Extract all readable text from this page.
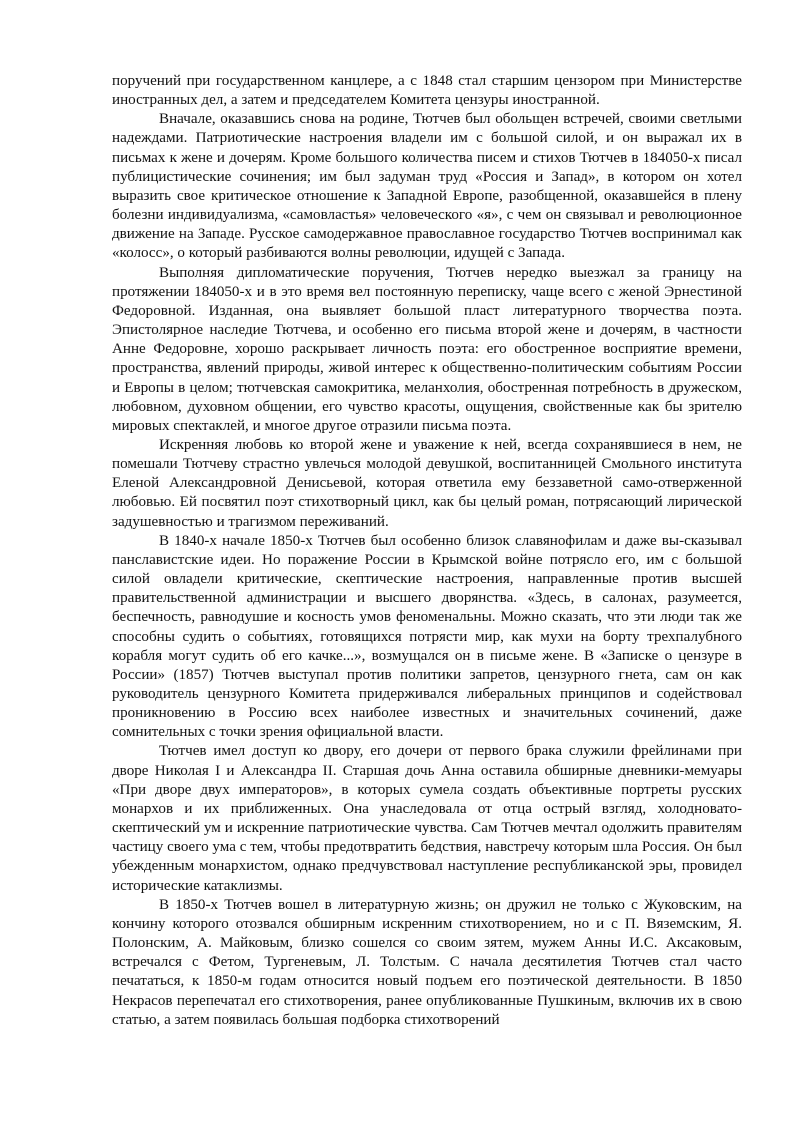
поручений при государственном канцлере, а с 1848 стал старшим цензором при Министерстве иностранных дел, а затем и председателем Комитета цензуры иностранной.

Вначале, оказавшись снова на родине, Тютчев был обольщен встречей, своими светлыми надеждами. Патриотические настроения владели им с большой силой, и он выражал их в письмах к жене и дочерям. Кроме большого количества писем и стихов Тютчев в 184050-х писал публицистические сочинения; им был задуман труд «Россия и Запад», в котором он хотел выразить свое критическое отношение к Западной Европе, разобщенной, оказавшейся в плену болезни индивидуализма, «самовластья» человеческого «я», с чем он связывал и революционное движение на Западе. Русское самодержавное православное государство Тютчев воспринимал как «колосс», о который разбиваются волны революции, идущей с Запада.

Выполняя дипломатические поручения, Тютчев нередко выезжал за границу на протяжении 184050-х и в это время вел постоянную переписку, чаще всего с женой Эрнестиной Федоровной. Изданная, она выявляет большой пласт литературного творчества поэта. Эпистолярное наследие Тютчева, и особенно его письма второй жене и дочерям, в частности Анне Федоровне, хорошо раскрывает личность поэта: его обостренное восприятие времени, пространства, явлений природы, живой интерес к общественно-политическим событиям России и Европы в целом; тютчевская самокритика, меланхолия, обостренная потребность в дружеском, любовном, духовном общении, его чувство красоты, ощущения, свойственные как бы зрителю мировых спектаклей, и многое другое отразили письма поэта.

Искренняя любовь ко второй жене и уважение к ней, всегда сохранявшиеся в нем, не помешали Тютчеву страстно увлечься молодой девушкой, воспитанницей Смольного института Еленой Александровной Денисьевой, которая ответила ему беззаветной само-отверженной любовью. Ей посвятил поэт стихотворный цикл, как бы целый роман, потрясающий лирической задушевностью и трагизмом переживаний.

В 1840-х начале 1850-х Тютчев был особенно близок славянофилам и даже вы-сказывал панславистские идеи. Но поражение России в Крымской войне потрясло его, им с большой силой овладели критические, скептические настроения, направленные против высшей правительственной администрации и высшего дворянства. «Здесь, в салонах, разумеется, беспечность, равнодушие и косность умов феноменальны. Можно сказать, что эти люди так же способны судить о событиях, готовящихся потрясти мир, как мухи на борту трехпалубного корабля могут судить об его качке...», возмущался он в письме жене. В «Записке о цензуре в России» (1857) Тютчев выступал против политики запретов, цензурного гнета, сам он как руководитель цензурного Комитета придерживался либеральных принципов и содействовал проникновению в Россию всех наиболее известных и значительных сочинений, даже сомнительных с точки зрения официальной власти.

Тютчев имел доступ ко двору, его дочери от первого брака служили фрейлинами при дворе Николая I и Александра II. Старшая дочь Анна оставила обширные дневники-мемуары «При дворе двух императоров», в которых сумела создать объективные портреты русских монархов и их приближенных. Она унаследовала от отца острый взгляд, холодновато-скептический ум и искренние патриотические чувства. Сам Тютчев мечтал одолжить правителям частицу своего ума с тем, чтобы предотвратить бедствия, навстречу которым шла Россия. Он был убежденным монархистом, однако предчувствовал наступление республиканской эры, провидел исторические катаклизмы.

В 1850-х Тютчев вошел в литературную жизнь; он дружил не только с Жуковским, на кончину которого отозвался обширным искренним стихотворением, но и с П. Вяземским, Я. Полонским, А. Майковым, близко сошелся со своим зятем, мужем Анны И.С. Аксаковым, встречался с Фетом, Тургеневым, Л. Толстым. С начала десятилетия Тютчев стал часто печататься, к 1850-м годам относится новый подъем его поэтической деятельности. В 1850 Некрасов перепечатал его стихотворения, ранее опубликованные Пушкиным, включив их в свою статью, а затем появилась большая подборка стихотворений
